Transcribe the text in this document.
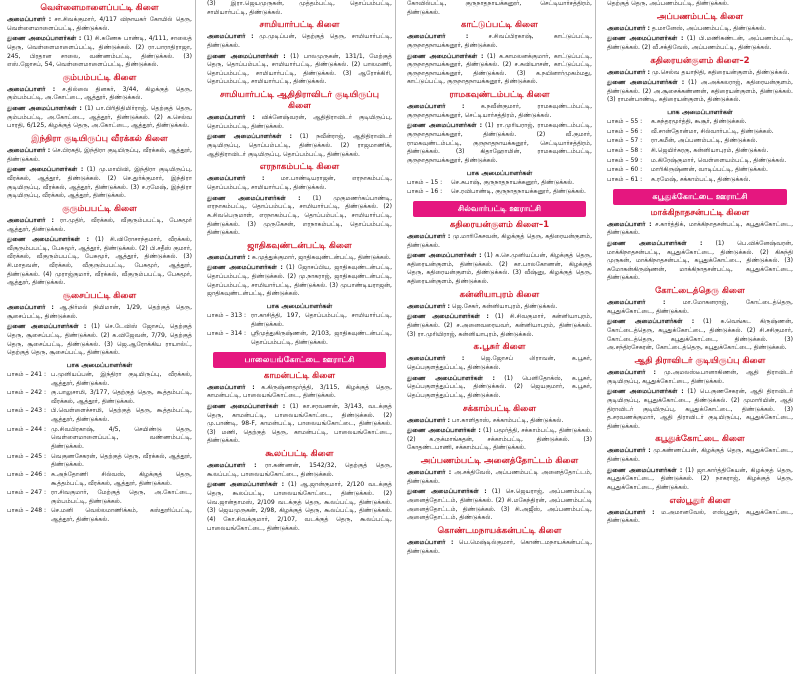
வெள்ளைமாளைப்பட்டி கிளை

அமைப்பாளர் : சா.சிவக்குமார், 4/117 விநாயகர் கோயில் தெரு, வெள்ளைமாளைப்பட்டி, திண்டுக்கல்.

துணை அமைப்பாளர்கள் : (1) சி.கணேசு பாண்டி, 4/111, சாலைத் தெரு, வெள்ளைமாளைப்பட்டி, திண்டுக்கல். (2) ரா.பாராதிராஜா, 245, பிரதான சாலை, வண்ணம்பட்டி, திண்டுக்கல். (3) எஸ்.ஜோசப், 54, வெள்ளைமாளைப்பட்டி, திண்டுக்கல்.

கும்பம்பட்டி கிளை

அமைப்பாளர் : ச.தில்லை தினகர், 3/44, கிழக்குத் தெரு, கும்பம்பட்டி, அ.கோட்டை, ஆத்தூர், திண்டுக்கல்.

துணை அமைப்பாளர்கள் : (1) பா.பிரிதிதிமிர்ராஜ், தெற்குத் தெரு, கும்பம்பட்டி, அ.கோட்டை, ஆத்தூர், திண்டுக்கல். (2) க.செல்வ பாரதி, 6/125, கிழக்குத் தெரு, அ.கோட்டை, ஆத்தூர், திண்டுக்கல்.

இந்திரா குடியிருப்பு வீரக்கல் கிளை

அமைப்பாளர் : செ.பிரகதி, இந்திரா குடியிருப்பு, வீரக்கல், ஆத்தூர், திண்டுக்கல்.

துணை அமைப்பாளர்கள் : (1) மு.மாயிவி, இந்திரா குடியிருப்பு, வீரக்கல், ஆத்தூர், திண்டுக்கல். (2) செ.துர்க்குமார், இந்திரா குடியிருப்பு, வீரக்கல், ஆத்தூர், திண்டுக்கல். (3) ச.ரமேஷ், இந்திரா குடியிருப்பு, வீரக்கல், ஆத்தூர், திண்டுக்கல்.

குரும்பபட்டி கிளை

அமைப்பாளர் : ரா.முதிர், வீரக்கல், வீகுரும்பபட்டி, பேசுமூர் ஆத்தூர், திண்டுக்கல்.

துணை அமைப்பாளர்கள் : (1) சி.விரோசாந்தமார், வீரக்கல், வீகுரும்பபட்டி, பேசுமூர், ஆத்தூர், திண்டுக்கல். (2) பி.சதீஸ் குமார், வீரக்கல், வீகுரும்பபட்டி, பேசுமூர், ஆத்தூர், திண்டுக்கல். (3) சி.மாதவன், வீரக்கல், வீகுரும்பபட்டி, பேசுமூர், ஆத்தூர், திண்டுக்கல். (4) முராஜ்குமார், வீரக்கல், வீகுரும்பபட்டி, பேசுமூர், ஆத்தூர், திண்டுக்கல்.

சூசைப்பட்டி கிளை

அமைப்பாளர் : ஆ.நிர்மல் நியிமான், 1/29, தெற்குத் தெரு, சூசைப்பட்டி, திண்டுக்கல்.

துணை அமைப்பாளர்கள் : (1) செ.டேவிஸ் ஜோசப், தெற்குத் தெரு, சூசைப்பட்டி, திண்டுக்கல். (2) க.விஜேவன், 7/79, தெற்குத் தெரு, சூசைப்பட்டி, திண்டுக்கல். (3) ஜெ.ஆரோக்கிய ராயால்ட், தெற்குத் தெரு, சூசைப்பட்டி, திண்டுக்கல்.

பாக அமைப்பாளர்கள்
பாகம் – 241 : ப.முனியப்பன், இந்திரா குடியிருப்பு, வீரக்கல், ஆத்தூர், திண்டுக்கல்.
பாகம் – 242 : கு.பாலுசாமி, 3/177, தெற்குத் தெரு, கூத்தம்பட்டி, வீரக்கல், ஆத்தூர், திண்டுக்கல்.
பாகம் – 243 : பி.வெள்ளைச்சாமி, தெற்குத் தெரு, கூத்தம்பட்டி, ஆத்தூர், திண்டுக்கல்.
பாகம் – 244 : மு.சிவபிரகாஷ், 4/5, செயிண்டு தெரு, வெள்ளைமாளைப்பட்டி, வண்ணம்பட்டி, திண்டுக்கல்.
பாகம் – 245 : வெகுணசேகரன், தெற்குத் தெரு, வீரக்கல், ஆத்தூர், திண்டுக்கல்.
பாகம் – 246 : சு.அந்தோணி சில்வஸ், கிழக்குத் தெரு, கூத்தம்பட்டி, வீரக்கல், ஆத்தூர், திண்டுக்கல்.
பாகம் – 247 : ரா.சிவகுமார், மேற்குத் தெரு, அ.கோட்டை, கும்பம்பட்டி, திண்டுக்கல்.
பாகம் – 248 : செ.மனி வெல்லமாணிக்கம், கஸ்தூரிப்பட்டி, ஆத்தூர், திண்டுக்கல்.

(3) இரா.ஜெயமுருகன், முத்தம்பட்டி, தொப்பம்பட்டி, சாமியார்பட்டி, திண்டுக்கல்.

சாமியார்பட்டி கிளை

அமைப்பாளர் : மு.முடிப்பன், தெற்குத் தெரு, சாமியார்பட்டி, திண்டுக்கல்.

துணை அமைப்பாளர்கள் : (1) பாலமுருகன், 131/1, மேற்குத் தெரு, தொப்பம்பட்டி, சாமியார்பட்டி, திண்டுக்கல். (2) பாலமணி, தொப்பம்பட்டி, சாமியார்பட்டி, திண்டுக்கல். (3) ஆரோக்கிரி, தொப்பம்பட்டி, சாமியார்பட்டி, திண்டுக்கல்.

சாமியார்பட்டி ஆதிதிராவிடர் குடியிருப்பு கிளை

அமைப்பாளர் : விக்னேஷ்வரன், ஆதிதிராவிடர் குடியிருப்பு, தொப்பம்பட்டி, திண்டுக்கல்.

துணை அமைப்பாளர்கள் : (1) நவீன்ராஜ், ஆதிதிராவிடர் குடியிருப்பு, தொப்பம்பட்டி, திண்டுக்கல். (2) ராஜமாணிக், ஆதிதிராவிடர் குடியிருப்பு, தொப்பம்பட்டி, திண்டுக்கல்.

எரநாகம்பட்டி கிளை

அமைப்பாளர் :	மா.பாண்டியராஜன், எரநாகம்பட்டி, தொப்பம்பட்டி, சாமியார்பட்டி, திண்டுக்கல்.

துணை அமைப்பாளர்கள் : (1) முகுமணர்கப்பாண்டி, எரநாகம்பட்டி, தொப்பம்பட்டி, சாமியார்பட்டி, திண்டுக்கல். (2) சு.சிவபெருமாள், எரநாகம்பட்டி, தொப்பம்பட்டி, சாமியார்பட்டி, திண்டுக்கல். (3) முருகேசன், எரநாகம்பட்டி, தொப்பம்பட்டி, திண்டுக்கல்.

ஜாதிகவுண்டன்பட்டி கிளை

அமைப்பாளர் : சு.முத்துக்குமார், ஜாதிகவுண்டன்பட்டி, திண்டுக்கல்.

துணை அமைப்பாளர்கள் : (1) ஜோசப்பிய, ஜாதிகவுண்டன்பட்டி, தொப்பம்பட்டி, திண்டுக்கல். (2) மு.நாகராஜ், ஜாதிகவுண்டன்பட்டி, தொப்பம்பட்டி, சாமியார்பட்டி, திண்டுக்கல். (3) முபாண்டியராஜன், ஜாதிகவுண்டன்பட்டி, திண்டுக்கல்.

பாக அமைப்பாளர்கள்
பாகம் – 313 : ரா.காசித்தி, 197, தொப்பம்பட்டி, சாமியார்பட்டி, திண்டுக்கல்.
பாகம் – 314 : ஸ்ரீமுத்துகிருஷ்ணன், 2/103, ஜாதிகவுண்டன்பட்டி, தொப்பம்பட்டி, திண்டுக்கல்.
பாலையங்கோட்டை ஊராட்சி
காமன்பட்டி கிளை

அமைப்பாளர் : க.கிருஷ்ணமூர்த்தி, 3/115, கிழக்குத் தெரு, காமன்பட்டி, பாலையங்கோட்டை, திண்டுக்கல்.

துணை அமைப்பாளர்கள் : (1) கா.சரவணன், 3/143, வடக்குத் தெரு, காமன்பட்டி, பாலையங்கோட்டை, திண்டுக்கல். (2) மு.பாண்டி, 98-F, காமன்பட்டி, பாலையங்கோட்டை, திண்டுக்கல். (3) மணி, தெற்குத் தெரு, காமன்பட்டி, பாலையங்கோட்டை, திண்டுக்கல்.

கூலப்பட்டி கிளை

அமைப்பாளர் : ரா.கண்ணன், 1542/32, தெற்குத் தெரு, கூலப்பட்டி, பாலையங்கோட்டை, திண்டுக்கல்.

துணை அமைப்பாளர்கள் : (1) ஆ.ஜான்குமார், 2/120 வடக்குத் தெரு, கூலப்பட்டி, பாலையங்கோட்டை, திண்டுக்கல். (2) வெ.ஜான்தாமஸ், 2/109 வடக்குத் தெரு, கூலப்பட்டி, திண்டுக்கல். (3) ஜெயமுருகன், 2/98, கிழக்குத் தெரு, கூலப்பட்டி, திண்டுக்கல். (4) கோ.சிவக்குமார், 2/107, வடக்குத் தெரு, கூலப்பட்டி, பாலையங்கோட்டை, திண்டுக்கல்.

கோவில்பட்டி, குருநாதநாயக்கனூர், செட்டியார்சத்திரம், திண்டுக்கல்.

காட்டுப்பட்டி கிளை

அமைப்பாளர் :	ச.சிவப்பிரகாஷ், காட்டுப்பட்டி, குருநாதநாயக்கனூர், திண்டுக்கல்.

துணை அமைப்பாளர்கள் : (1) க.காமலனக்குமார், காட்டுப்பட்டி, குருநாதநாயக்கனூர், திண்டுக்கல். (2) ச.சுவியாசன், காட்டுப்பட்டி, குருநாதநாயக்கனூர், திண்டுக்கல். (3) க.நயினார்முகம்மது, காட்டுப்பட்டி, குருநாதநாயக்கனூர், திண்டுக்கல்.

ராமகவுண்டம்பட்டி கிளை

அமைப்பாளர் :	க.நவீன்குமார், ராமகவுண்டம்பட்டி, குருநாதநாயக்கனூர், செட்டியார்சத்திரம், திண்டுக்கல்.

துணை அமைப்பாளர்கள் : (1) ரா.முரியராஜ், ராமகவுண்டம்பட்டி, குருநாதநாயக்கனூர், திண்டுக்கல். (2) வீ.குமார், ராமகவுண்டம்பட்டி, குருநாதநாயக்கனூர், செட்டியார்சத்திரம், திண்டுக்கல். (3) கிதாஹோமின், ராமகவுண்டம்பட்டி, குருநாதநாயக்கனூர், திண்டுக்கல்.

பாக அமைப்பாளர்கள்
பாகம் – 15 :	செ.சுபாஷ், குருநாதநாயக்கனூர், திண்டுக்கல்.
பாகம் – 16 :	செ.ரவிபாண்டி, குருநாதநாயக்கனூர், திண்டுக்கல்.
சில்வார்பட்டி ஊராட்சி
கதிரையன்குளம் கிளை–1

அமைப்பாளர் : மு.மாரிகேசவன், கிழக்குத் தெரு, கதிரையன்குளம், திண்டுக்கல்.

துணை அமைப்பாளர்கள் : (1) க.செ.முனியப்பன், கிழக்குத் தெரு, கதிரையன்குளம், திண்டுக்கல். (2) கா.பாலகோணன், கிழக்குத் தெரு, கதிரையன்குளம், திண்டுக்கல். (3) வீஷ்னு, கிழக்குத் தெரு, கதிரையன்குளம், திண்டுக்கல்.

கன்னியாபுரம் கிளை

அமைப்பாளர் : ஜெ.சேகர், கன்னியாபுரம், திண்டுக்கல்.

துணை அமைப்பாளர்கள் : (1) சி.சிவகுமார், கன்னியாபுரம், திண்டுக்கல். (2) ச.அனைவரையவர், கன்னியாபுரம், திண்டுக்கல். (3) ரா.முரியிராஜ், கன்னியாபுரம், திண்டுக்கல்.

க.பூசுர் கிளை

அமைப்பாளர் :	ஜெ.ஜோசப் லிராவன், க.பூசுர், தெப்பகுளத்துப்பட்டி, திண்டுக்கல்.

துணை அமைப்பாளர்கள் : (1) பெனிதோக்ஸ், க.பூசுர், தெப்பகுளத்துப்பட்டி, திண்டுக்கல். (2) ஜெயகுமார், க.பூசுர், தெப்பகுளத்துப்பட்டி, திண்டுக்கல்.

சக்காம்பட்டி கிளை

அமைப்பாளர் : பா.காளிதாஸ், சக்காம்பட்டி, திண்டுக்கல்.

துணை அமைப்பாளர்கள் : (1) பமூர்த்தி, சக்காம்பட்டி, திண்டுக்கல். (2) க.ருக்மாங்கதன், சக்காம்பட்டி, திண்டுக்கல். (3) கோதண்டபாணி, சக்காம்பட்டி, திண்டுக்கல்.

அப்பணம்பட்டி அனைத்தோட்டம் கிளை

அமைப்பாளர் : அ.சக்திவேல், அப்பணம்பட்டி அனைத்தோட்டம், திண்டுக்கல்.

துணை அமைப்பாளர்கள் : (1) செ.ஜெயராஜ், அப்பணம்பட்டி அனைத்தோட்டம், திண்டுக்கல். (2) சி.மகேந்திரன், அப்பணம்பட்டி அனைத்தோட்டம், திண்டுக்கல். (3) சி.அஜீஸ், அப்பணம்பட்டி, அனைத்தோட்டம், திண்டுக்கல்.

கொண்டமநாயக்கன்பட்டி கிளை

அமைப்பாளர் : பெ.மெஷ்டில்குமார், கொண்டமநாயக்கன்பட்டி, திண்டுக்கல்.

தெற்குத் தெரு, அப்பணம்பட்டி, திண்டுக்கல்.

அப்பணம்பட்டி கிளை

அமைப்பாளர் : த.மானேஸ், அப்பணம்பட்டி, திண்டுக்கல்.

துணை அமைப்பாளர்கள் : (1) பி.மணிகண்டன், அப்பணம்பட்டி, திண்டுக்கல். (2) வீ.சக்திவேல், அப்பணம்பட்டி, திண்டுக்கல்.

கதிரையன்குளம் கிளை–2

அமைப்பாளர் : மு.செல்வ தயாநிதி, கதிரையன்குளம், திண்டுக்கல்.

துணை அமைப்பாளர்கள் : (1) அ.அக்கலராஜ், கதிரையன்குளம், திண்டுக்கல். (2) அ.சூசைக்கண்ணன், கதிரையன்குளம், திண்டுக்கல். (3) ராமன்பாண்டி, கதிரையன்குளம், திண்டுக்கல்.

பாக அமைப்பாளர்கள்
பாகம் – 55 :	க.சுந்தரமூர்த்தி, கூசூர், திண்டுக்கல்.
பாகம் – 56 :	வீ.சான்தோன்மா, சில்வார்பட்டி, திண்டுக்கல்.
பாகம் – 57 :	ரா.கமீன், அப்பணம்பட்டி, திண்டுக்கல்.
பாகம் – 58 :	சி.ஜெயிர்சுரகு, கன்னியாபுரம், திண்டுக்கல்.
பாகம் – 59 :	ம.கிரேஷ்குமார், வெள்ளையம்பட்டி, திண்டுக்கல்.
பாகம் – 60 :	மாரிகிருஷ்ணன், வாடிப்பட்டி, திண்டுக்கல்.
பாகம் – 61 :	சு.ரமேஷ், சக்காம்பட்டி, திண்டுக்கல்.
கபூதுக்கோட்டை ஊராட்சி
மாக்கிநாதசன்பட்டி கிளை

அமைப்பாளர் : ச.கார்த்திக், மாக்கிநாதசன்பட்டி, கபூதுக்கோட்டை, திண்டுக்கல்.

துணை அமைப்பாளர்கள் : (1) பெ.விக்னேஷ்வரன், மாக்கிநாதசன்பட்டி, கபூதுக்கோட்டை, திண்டுக்கல். (2) கிசுந்தி முருகன், மாக்கிநாதசன்பட்டி, கபூதுக்கோட்டை, திண்டுக்கல். (3) சுமோகன்கிருஷ்ணன், மாக்கிநாதசன்பட்டி, கபூதுக்கோட்டை, திண்டுக்கல்.

கோட்டைத்தெரு கிளை

அமைப்பாளர் :	மா.மோகனராஜ், கோட்டைத்தெரு, கபூதுக்கோட்டை, திண்டுக்கல்.

துணை அமைப்பாளர்கள் : (1) க.வெங்கட கிருஷ்ணன், கோட்டைத்தெரு, கபூதுக்கோட்டை, திண்டுக்கல். (2) சி.சசிகுமார், கோட்டைத்தெரு, கபூதுக்கோட்டை, திண்டுக்கல். (3) அ.சந்திரசேகரன், கோட்டைத்தெரு, கபூதுக்கோட்டை, திண்டுக்கல்.

ஆதி திராவிடர் குடியிருப்பு கிளை

அமைப்பாளர் : மு.அமலஸ்டீபானாகிணன், ஆதி திராவிடர் குடியிருப்பு, கபூதுக்கோட்டை, திண்டுக்கல்.

துணை அமைப்பாளர்கள் : (1) பெ.குணசேகரன், ஆதி திராவிடர் குடியிருப்பு, கபூதுக்கோட்டை, திண்டுக்கல். (2) முமாரியின், ஆதி திராவிடர் குடியிருப்பு, கபூதுக்கோட்டை, திண்டுக்கல். (3) த.சரவணக்குமார், ஆதி திராவிடர் குடியிருப்பு, கபூதுக்கோட்டை, திண்டுக்கல்.

கபூதுக்கோட்டை கிளை

அமைப்பாளர் : மு.கண்ணப்பன், கிழக்குத் தெரு, கபூதுக்கோட்டை, திண்டுக்கல்.

துணை அமைப்பாளர்கள் : (1) ஜா.கார்த்திகேயன், கிழக்குத் தெரு, கபூதுக்கோட்டை, திண்டுக்கல். (2) நாகராஜ், கிழக்குத் தெரு, கபூதுக்கோட்டை, திண்டுக்கல்.

எஸ்பூதுர் கிளை

அமைப்பாளர் : ம.அமானவேல், எஸ்பூதுர், கபூதுக்கோட்டை, திண்டுக்கல்.
